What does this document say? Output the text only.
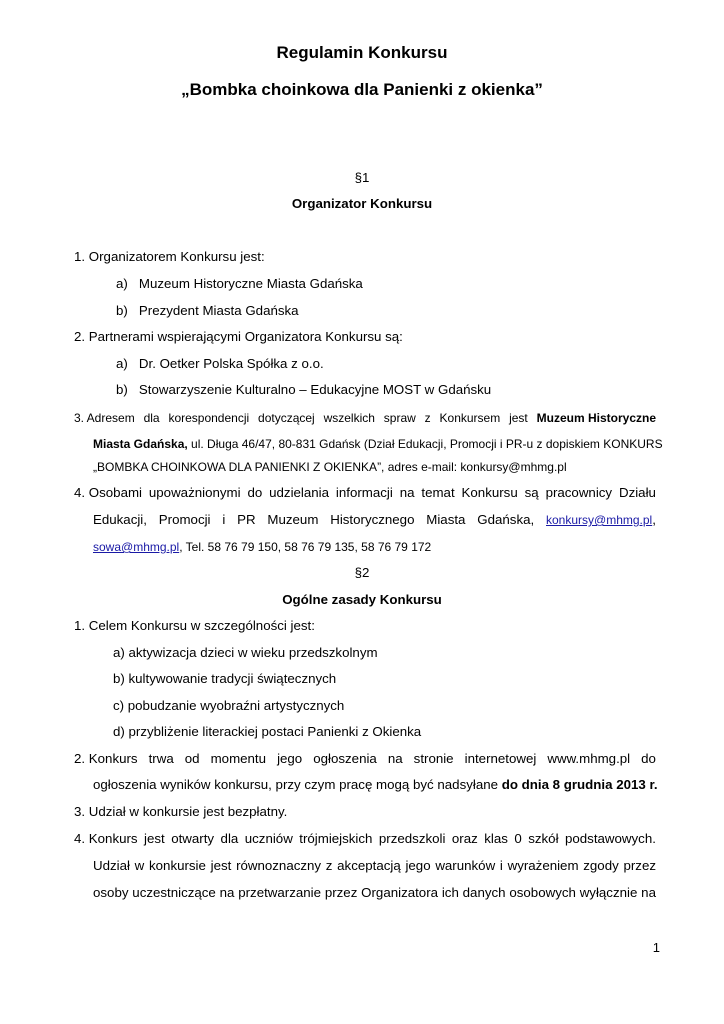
Regulamin Konkursu
„Bombka choinkowa dla Panienki z okienka”
§1
Organizator Konkursu
1. Organizatorem Konkursu jest:
a)   Muzeum Historyczne Miasta Gdańska
b)   Prezydent Miasta Gdańska
2. Partnerami wspierającymi Organizatora Konkursu są:
a)   Dr. Oetker Polska Spółka z o.o.
b)   Stowarzyszenie Kulturalno – Edukacyjne MOST w Gdańsku
3. Adresem dla korespondencji dotyczącej wszelkich spraw z Konkursem jest Muzeum Historyczne
Miasta Gdańska, ul. Długa 46/47, 80-831 Gdańsk (Dział Edukacji, Promocji i PR-u z dopiskiem KONKURS
„BOMBKA CHOINKOWA DLA PANIENKI Z OKIENKA”, adres e-mail: konkursy@mhmg.pl
4. Osobami upoważnionymi do udzielania informacji na temat Konkursu są pracownicy Działu
Edukacji, Promocji i PR Muzeum Historycznego Miasta Gdańska, konkursy@mhmg.pl,
sowa@mhmg.pl, Tel. 58 76 79 150, 58 76 79 135, 58 76 79 172
§2
Ogólne zasady Konkursu
1. Celem Konkursu w szczególności jest:
a) aktywizacja dzieci w wieku przedszkolnym
b) kultywowanie tradycji świątecznych
c) pobudzanie wyobraźni artystycznych
d) przybliżenie literackiej postaci Panienki z Okienka
2. Konkurs trwa od momentu jego ogłoszenia na stronie internetowej www.mhmg.pl do
ogłoszenia wyników konkursu, przy czym pracę mogą być nadsyłane do dnia 8 grudnia 2013 r.
3. Udział w konkursie jest bezpłatny.
4. Konkurs jest otwarty dla uczniów trójmiejskich przedszkoli oraz klas 0 szkół podstawowych.
Udział w konkursie jest równoznaczny z akceptacją jego warunków i wyrażeniem zgody przez
osoby uczestniczące na przetwarzanie przez Organizatora ich danych osobowych wyłącznie na
1
